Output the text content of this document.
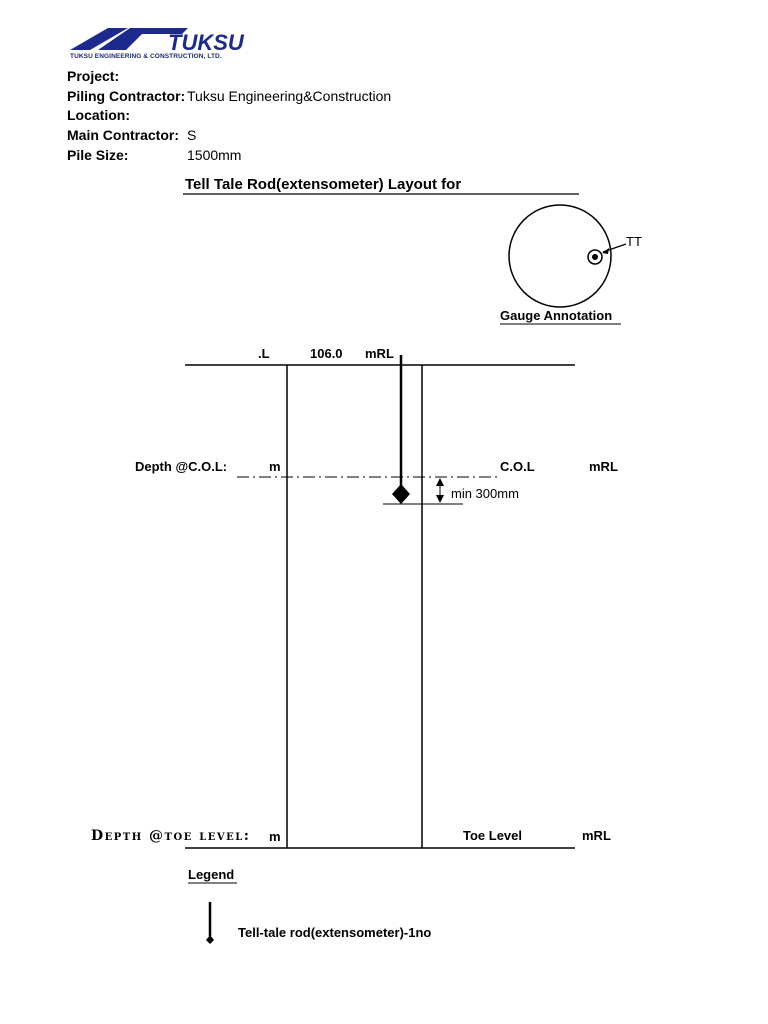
TUKSU
TUKSU ENGINEERING & CONSTRUCTION, LTD.
Project:
Piling Contractor: Tuksu Engineering&Construction
Location:
Main Contractor: S
Pile Size:	1500mm
Tell Tale Rod(extensometer) Layout for
TT
Gauge Annotation
.L	106.0 mRL
Depth @C.O.L:	m	C.O.L	mRL
min 300mm
Depth @toe level: m	Toe Level	mRL
Legend
Tell-tale rod(extensometer)-1no
